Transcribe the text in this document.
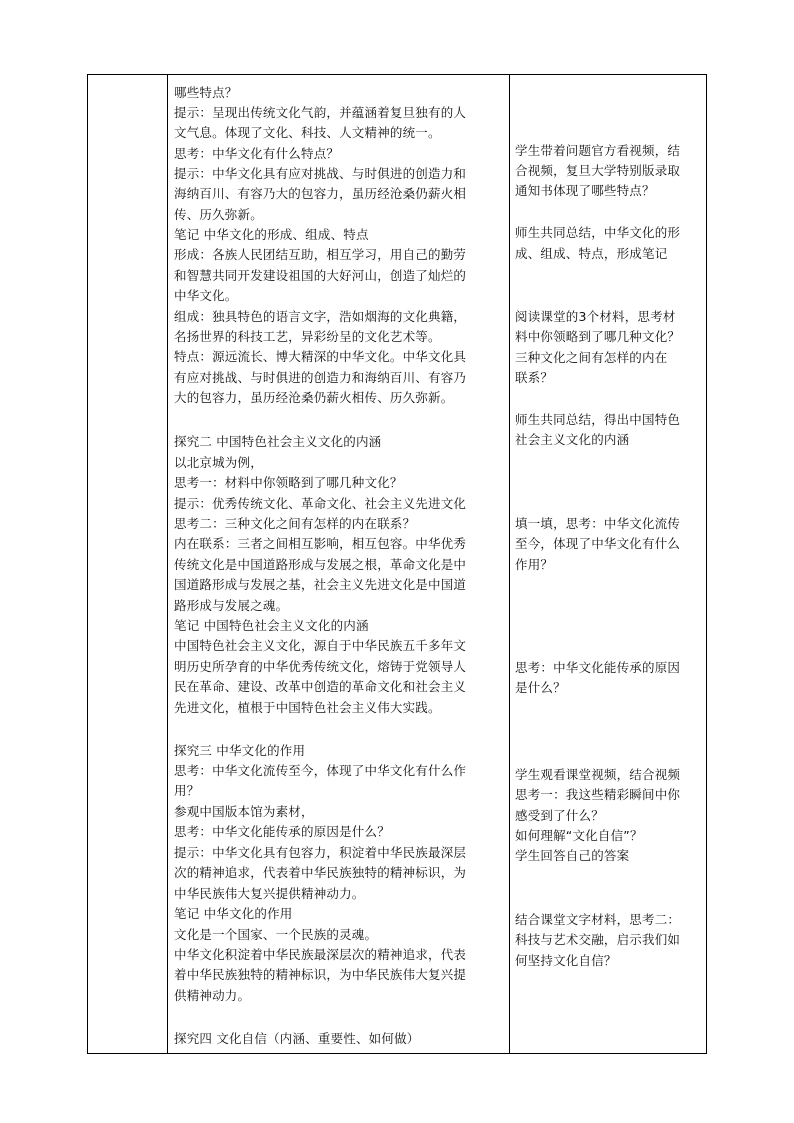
哪些特点？
提示：呈现出传统文化气韵，并蕴涵着复旦独有的人
文气息。体现了文化、科技、人文精神的统一。
思考：中华文化有什么特点？
提示：中华文化具有应对挑战、与时俱进的创造力和
海纳百川、有容乃大的包容力，虽历经沧桑仍薪火相
传、历久弥新。
笔记 中华文化的形成、组成、特点
形成：各族人民团结互助，相互学习，用自己的勤劳
和智慧共同开发建设祖国的大好河山，创造了灿烂的
中华文化。
组成：独具特色的语言文字，浩如烟海的文化典籍，
名扬世界的科技工艺，异彩纷呈的文化艺术等。
特点：源远流长、博大精深的中华文化。中华文化具
有应对挑战、与时俱进的创造力和海纳百川、有容乃
大的包容力，虽历经沧桑仍薪火相传、历久弥新。
探究二 中国特色社会主义文化的内涵
以北京城为例，
思考一：材料中你领略到了哪几种文化？
提示：优秀传统文化、革命文化、社会主义先进文化
思考二：三种文化之间有怎样的内在联系？
内在联系：三者之间相互影响，相互包容。中华优秀
传统文化是中国道路形成与发展之根，革命文化是中
国道路形成与发展之基，社会主义先进文化是中国道
路形成与发展之魂。
笔记 中国特色社会主义文化的内涵
中国特色社会主义文化，源自于中华民族五千多年文
明历史所孕育的中华优秀传统文化，熔铸于党领导人
民在革命、建设、改革中创造的革命文化和社会主义
先进文化，植根于中国特色社会主义伟大实践。
探究三 中华文化的作用
思考：中华文化流传至今，体现了中华文化有什么作
用？
参观中国版本馆为素材，
思考：中华文化能传承的原因是什么？
提示：中华文化具有包容力，积淀着中华民族最深层
次的精神追求，代表着中华民族独特的精神标识，为
中华民族伟大复兴提供精神动力。
笔记 中华文化的作用
文化是一个国家、一个民族的灵魂。
中华文化积淀着中华民族最深层次的精神追求，代表
着中华民族独特的精神标识，为中华民族伟大复兴提
供精神动力。
探究四 文化自信（内涵、重要性、如何做）
学生带着问题官方看视频，结
合视频，复旦大学特别版录取
通知书体现了哪些特点？
师生共同总结，中华文化的形
成、组成、特点，形成笔记
阅读课堂的3个材料，思考材
料中你领略到了哪几种文化？
三种文化之间有怎样的内在
联系？
师生共同总结，得出中国特色
社会主义文化的内涵
填一填，思考：中华文化流传
至今，体现了中华文化有什么
作用？
思考：中华文化能传承的原因
是什么？
学生观看课堂视频，结合视频
思考一：我这些精彩瞬间中你
感受到了什么？
如何理解“文化自信”？
学生回答自己的答案
结合课堂文字材料，思考二：
科技与艺术交融，启示我们如
何坚持文化自信？
